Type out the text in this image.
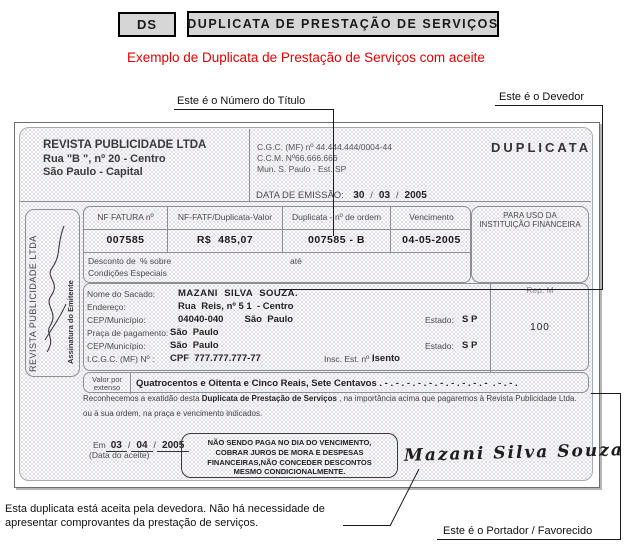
DS DUPLICATA DE PRESTAÇÃO DE SERVIÇOS
Exemplo de Duplicata de Prestação de Serviços com aceite
Este é o Número do Título	Este é o Devedor
Esta duplicata está aceita pela devedora. Não há necessidade de
apresentar comprovantes da prestação de serviços.
Este é o Portador / Favorecido
REVISTA PUBLICIDADE LTDA
Rua "B ", nº 20 - Centro
São Paulo - Capital
C.G.C. (MF) nº 44.444.444/0004-44
C.C.M. Nº66.666.666
Mun. S. Paulo - Est. SP
DUPLICATA
DATA DE EMISSÃO: 30 / 03 / 2005
REVISTA PUBLICIDADE LTDA	Assinatura do Emitente
NF FATURA nº	NF-FATF/Duplicata-Valor	Duplicata - nº de ordem	Vencimento
007585	R$  485,07	007585 - B	04-05-2005
Desconto de % sobre	até
Condições Especiais
PARA USO DA
INSTITUIÇÃO FINANCEIRA
Nome do Sacado: MAZANI  SILVA  SOUZA.
Endereço:	Rua  Reis, nº 5 1  - Centro
CEP/Município:	04040-040        São  Paulo	Estado: S P
Praça de pagamento: São  Paulo
CEP/Município:	São  Paulo	Estado: S P
I.C.G.C. (MF) Nº : CPF  777.777.777-77	Insc. Est. nº :
Isento
Rep. M
100
Valor por
extenso	Quatrocentos e Oitenta e Cinco Reais, Sete Centavos . - . - . - . - . - . - . - . - . - . -  . - . - .
Reconhecemos a exatidão desta Duplicata de Prestação de Serviços , na importância acima que pagaremos à Revista Publicidade Ltda.
ou à sua ordem, na praça e vencimento indicados.
Em 03 / 04 / 2005
(Data do aceite)
NÃO SENDO PAGA NO DIA DO VENCIMENTO,
COBRAR JUROS DE MORA E DESPESAS
FINANCEIRAS,NÃO CONCEDER DESCONTOS
MESMO CONDICIONALMENTE.
Mazani Silva Souza
